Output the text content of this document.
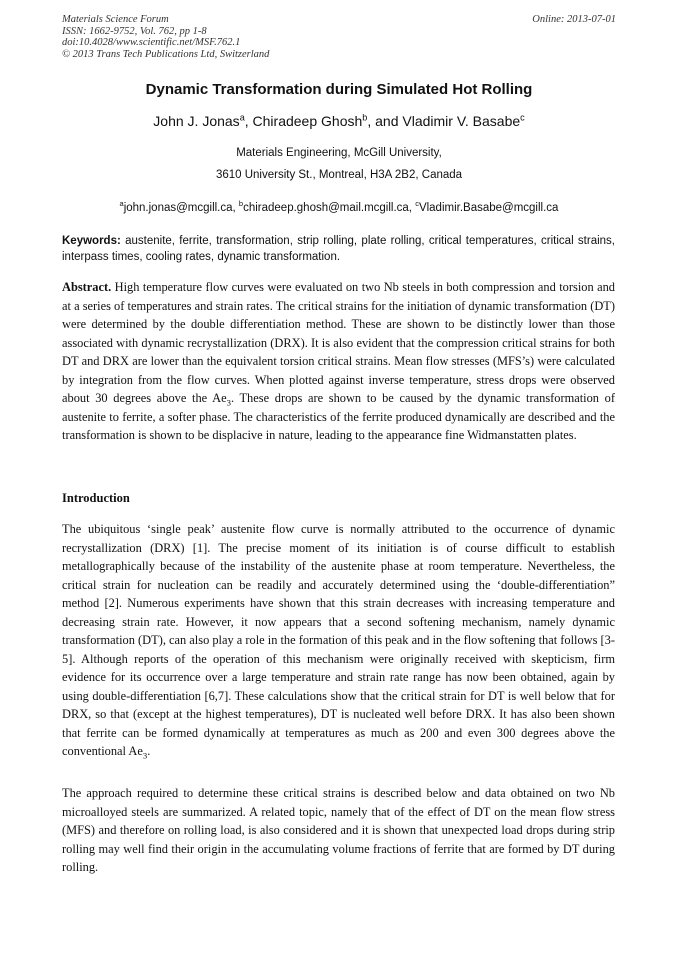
Materials Science Forum
ISSN: 1662-9752, Vol. 762, pp 1-8
doi:10.4028/www.scientific.net/MSF.762.1
© 2013 Trans Tech Publications Ltd, Switzerland
Online: 2013-07-01
Dynamic Transformation during Simulated Hot Rolling
John J. Jonas$^a$, Chiradeep Ghosh$^b$, and Vladimir V. Basabe$^c$
Materials Engineering, McGill University,
3610 University St., Montreal, H3A 2B2, Canada
$^a$john.jonas@mcgill.ca, $^b$chiradeep.ghosh@mail.mcgill.ca, $^c$Vladimir.Basabe@mcgill.ca
Keywords: austenite, ferrite, transformation, strip rolling, plate rolling, critical temperatures, critical strains, interpass times, cooling rates, dynamic transformation.
Abstract. High temperature flow curves were evaluated on two Nb steels in both compression and torsion and at a series of temperatures and strain rates. The critical strains for the initiation of dynamic transformation (DT) were determined by the double differentiation method. These are shown to be distinctly lower than those associated with dynamic recrystallization (DRX). It is also evident that the compression critical strains for both DT and DRX are lower than the equivalent torsion critical strains. Mean flow stresses (MFS’s) were calculated by integration from the flow curves. When plotted against inverse temperature, stress drops were observed about 30 degrees above the $Ae_3$. These drops are shown to be caused by the dynamic transformation of austenite to ferrite, a softer phase. The characteristics of the ferrite produced dynamically are described and the transformation is shown to be displacive in nature, leading to the appearance fine Widmanstatten plates.
Introduction
The ubiquitous ‘single peak’ austenite flow curve is normally attributed to the occurrence of dynamic recrystallization (DRX) [1]. The precise moment of its initiation is of course difficult to establish metallographically because of the instability of the austenite phase at room temperature. Nevertheless, the critical strain for nucleation can be readily and accurately determined using the ‘double-differentiation” method [2]. Numerous experiments have shown that this strain decreases with increasing temperature and decreasing strain rate. However, it now appears that a second softening mechanism, namely dynamic transformation (DT), can also play a role in the formation of this peak and in the flow softening that follows [3-5]. Although reports of the operation of this mechanism were originally received with skepticism, firm evidence for its occurrence over a large temperature and strain rate range has now been obtained, again by using double-differentiation [6,7]. These calculations show that the critical strain for DT is well below that for DRX, so that (except at the highest temperatures), DT is nucleated well before DRX. It has also been shown that ferrite can be formed dynamically at temperatures as much as 200 and even 300 degrees above the conventional $Ae_3$.
The approach required to determine these critical strains is described below and data obtained on two Nb microalloyed steels are summarized. A related topic, namely that of the effect of DT on the mean flow stress (MFS) and therefore on rolling load, is also considered and it is shown that unexpected load drops during strip rolling may well find their origin in the accumulating volume fractions of ferrite that are formed by DT during rolling.
